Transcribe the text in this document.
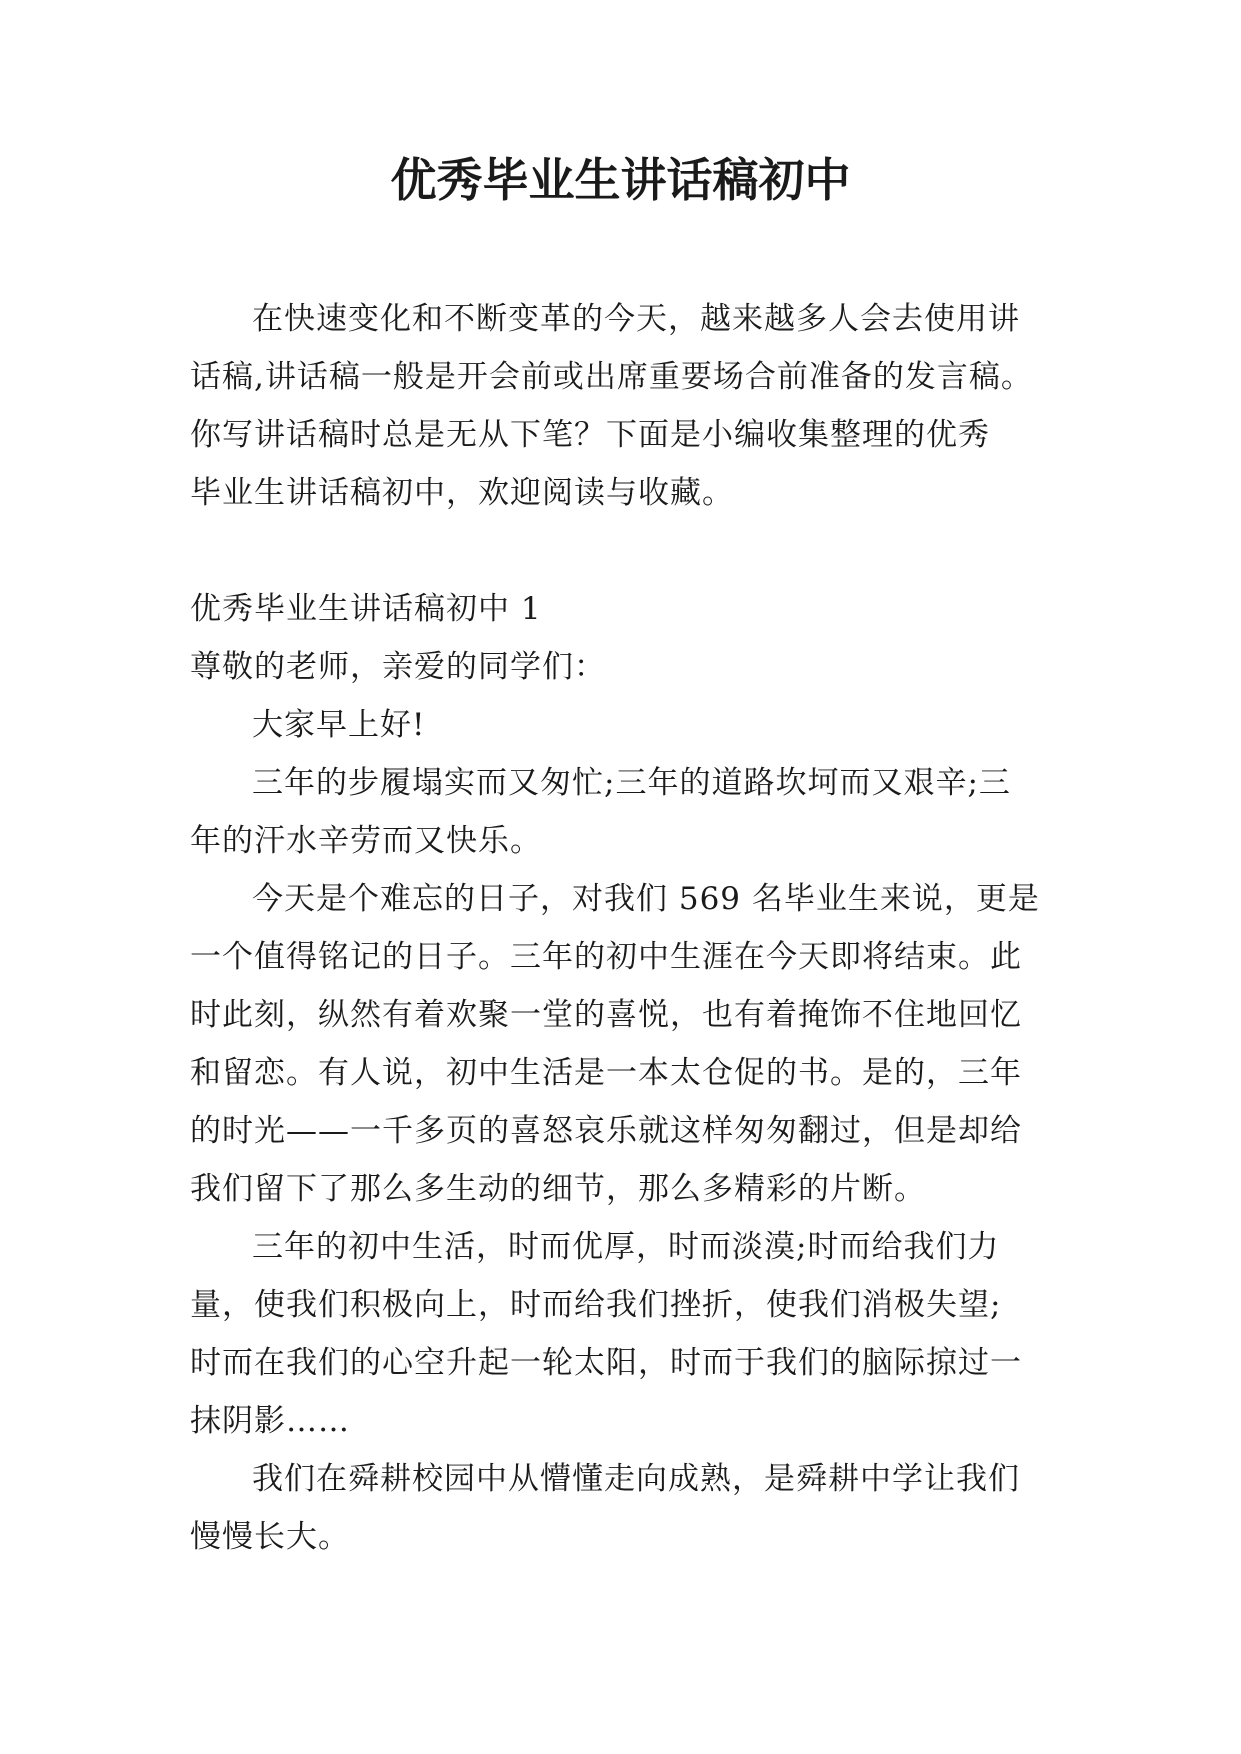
优秀毕业生讲话稿初中

在快速变化和不断变革的今天，越来越多人会去使用讲
话稿,讲话稿一般是开会前或出席重要场合前准备的发言稿。
你写讲话稿时总是无从下笔？下面是小编收集整理的优秀
毕业生讲话稿初中，欢迎阅读与收藏。

优秀毕业生讲话稿初中 1

尊敬的老师，亲爱的同学们：

大家早上好!

三年的步履塌实而又匆忙;三年的道路坎坷而又艰辛;三
年的汗水辛劳而又快乐。

今天是个难忘的日子，对我们 569 名毕业生来说，更是
一个值得铭记的日子。三年的初中生涯在今天即将结束。此
时此刻，纵然有着欢聚一堂的喜悦，也有着掩饰不住地回忆
和留恋。有人说，初中生活是一本太仓促的书。是的，三年
的时光——一千多页的喜怒哀乐就这样匆匆翻过，但是却给
我们留下了那么多生动的细节，那么多精彩的片断。

三年的初中生活，时而优厚，时而淡漠;时而给我们力
量，使我们积极向上，时而给我们挫折，使我们消极失望;
时而在我们的心空升起一轮太阳，时而于我们的脑际掠过一
抹阴影……

我们在舜耕校园中从懵懂走向成熟，是舜耕中学让我们
慢慢长大。
